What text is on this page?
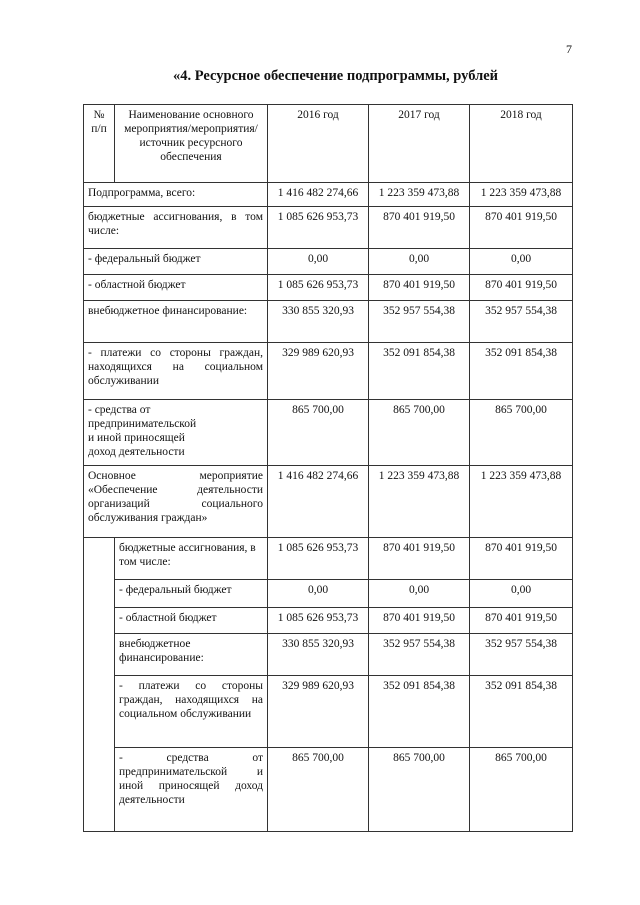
7
«4. Ресурсное обеспечение подпрограммы, рублей
№ п/п	Наименование основного мероприятия/мероприятия/ источник ресурсного обеспечения	2016 год	2017 год	2018 год
Подпрограмма, всего:		1 416 482 274,66	1 223 359 473,88	1 223 359 473,88
бюджетные ассигнования, в том числе:		1 085 626 953,73	870 401 919,50	870 401 919,50
- федеральный бюджет		0,00	0,00	0,00
- областной бюджет		1 085 626 953,73	870 401 919,50	870 401 919,50
внебюджетное финансирование:		330 855 320,93	352 957 554,38	352 957 554,38
- платежи со стороны граждан, находящихся на социальном обслуживании		329 989 620,93	352 091 854,38	352 091 854,38
- средства от предпринимательской и иной приносящей доход деятельности		865 700,00	865 700,00	865 700,00
Основное мероприятие «Обеспечение деятельности организаций социального обслуживания граждан»		1 416 482 274,66	1 223 359 473,88	1 223 359 473,88
	бюджетные ассигнования, в том числе:	1 085 626 953,73	870 401 919,50	870 401 919,50
	- федеральный бюджет	0,00	0,00	0,00
	- областной бюджет	1 085 626 953,73	870 401 919,50	870 401 919,50
	внебюджетное финансирование:	330 855 320,93	352 957 554,38	352 957 554,38
	- платежи со стороны граждан, находящихся на социальном обслуживании	329 989 620,93	352 091 854,38	352 091 854,38
	- средства от предпринимательской и иной приносящей доход деятельности	865 700,00	865 700,00	865 700,00
